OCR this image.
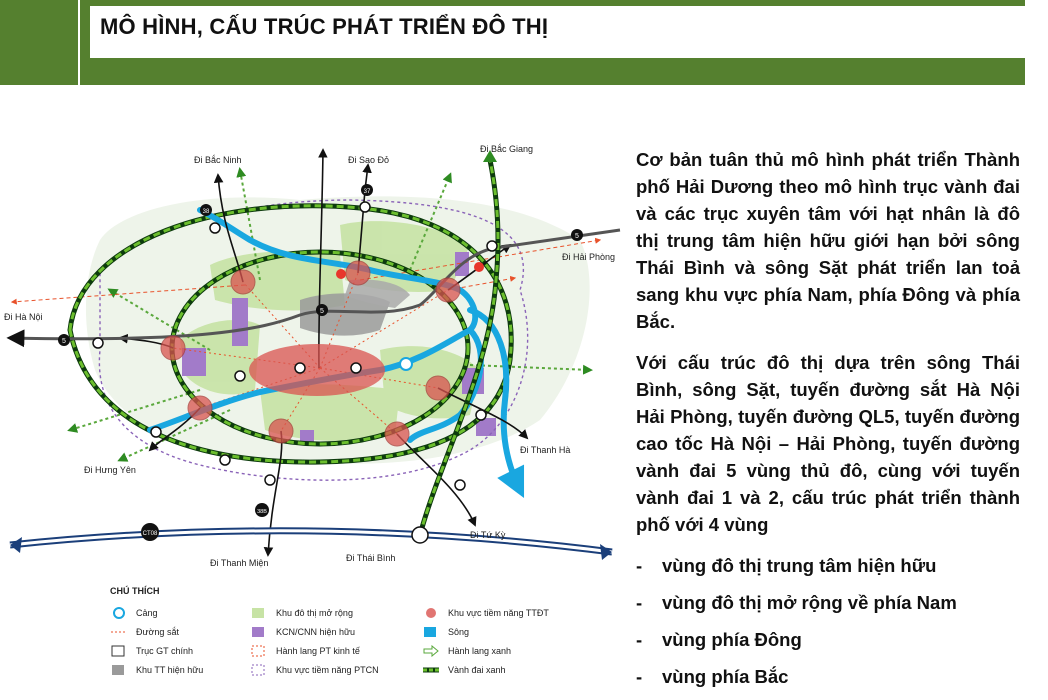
MÔ HÌNH, CẤU TRÚC PHÁT TRIỂN ĐÔ THỊ
5
5
5
37
38
38B
CT08
Đi Bắc Ninh	Đi Sao Đỏ
Đi Bắc Giang
Đi Hải Phòng
Đi Hà Nội
Đi Hưng Yên
Đi Thanh Hà
Đi Tứ Kỳ
Đi Thanh Miện	Đi Thái Bình
CHÚ THÍCH
Cảng
Đường sắt
Trục GT chính
Khu TT hiện hữu
Khu đô thị mở rộng
KCN/CNN hiện hữu
Hành lang PT kinh tế
Khu vực tiềm năng PTCN
Khu vực tiềm năng TTĐT
Sông
Hành lang xanh
Vành đai xanh

Cơ bản tuân thủ mô hình phát triển Thành phố Hải Dương theo mô hình trục vành đai và các trục xuyên tâm với hạt nhân là đô thị trung tâm hiện hữu giới hạn bởi sông Thái Bình và sông Sặt phát triển lan toả sang khu vực phía Nam, phía Đông và phía Bắc.

Với cấu trúc đô thị dựa trên sông Thái Bình, sông Sặt, tuyến đường sắt Hà Nội Hải Phòng, tuyến đường QL5, tuyến đường cao tốc Hà Nội – Hải Phòng, tuyến đường vành đai 5 vùng thủ đô, cùng với tuyến vành đai 1 và 2, cấu trúc phát triển thành phố với 4 vùng

-	vùng đô thị trung tâm hiện hữu
-	vùng đô thị mở rộng về phía Nam
-	vùng phía Đông
-	vùng phía Bắc
